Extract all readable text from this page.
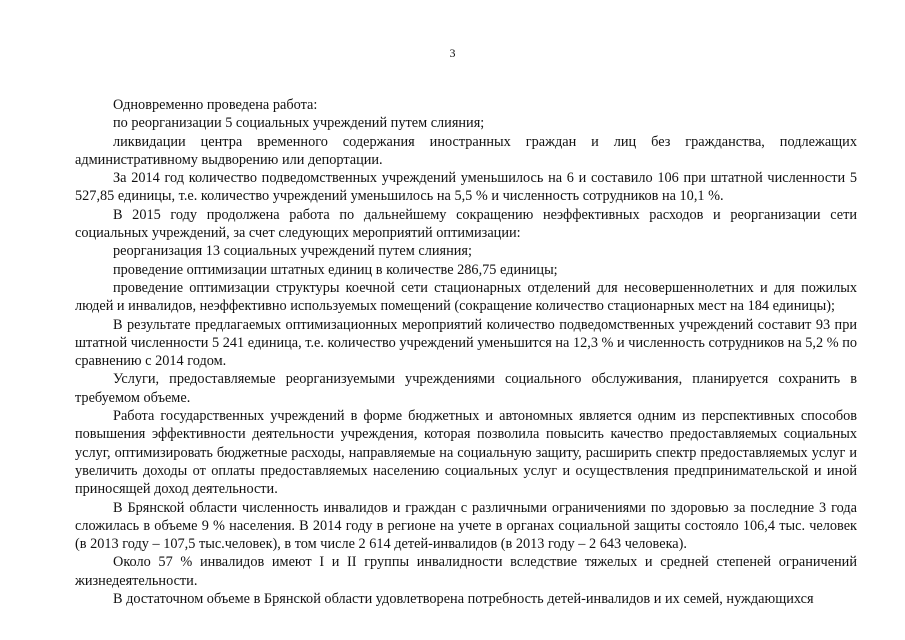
3

Одновременно проведена работа:

по реорганизации 5 социальных учреждений путем слияния;

ликвидации центра временного содержания иностранных граждан и лиц без гражданства, подлежащих административному выдворению или депортации.

За 2014 год количество подведомственных учреждений уменьшилось на 6 и составило 106 при штатной численности 5 527,85 единицы, т.е. количество учреждений уменьшилось на 5,5 % и численность сотрудников на 10,1 %.

В 2015 году продолжена работа по дальнейшему сокращению неэффективных расходов и реорганизации сети социальных учреждений, за счет следующих мероприятий оптимизации:

реорганизация 13 социальных учреждений путем слияния;

проведение оптимизации штатных единиц в количестве 286,75 единицы;

проведение оптимизации структуры коечной сети стационарных отделений для несовершеннолетних и для пожилых людей и инвалидов, неэффективно используемых помещений (сокращение количество стационарных мест на 184 единицы);

В результате предлагаемых оптимизационных мероприятий количество подведомственных учреждений составит 93 при штатной численности 5 241 единица, т.е. количество учреждений уменьшится на 12,3 % и численность сотрудников на 5,2 % по сравнению с 2014 годом.

Услуги, предоставляемые реорганизуемыми учреждениями социального обслуживания, планируется сохранить в требуемом объеме.

Работа государственных учреждений в форме бюджетных и автономных является одним из перспективных способов повышения эффективности деятельности учреждения, которая позволила повысить качество предоставляемых социальных услуг, оптимизировать бюджетные расходы, направляемые на социальную защиту, расширить спектр предоставляемых услуг и увеличить доходы от оплаты предоставляемых населению социальных услуг и осуществления предпринимательской и иной приносящей доход деятельности.

В Брянской области численность инвалидов и граждан с различными ограничениями по здоровью за последние 3 года сложилась в объеме 9 % населения. В 2014 году в регионе на учете в органах социальной защиты состояло 106,4 тыс. человек (в 2013 году – 107,5 тыс.человек), в том числе 2 614 детей-инвалидов (в 2013 году – 2 643 человека).

Около 57 % инвалидов имеют I и II группы инвалидности вследствие тяжелых и средней степеней ограничений жизнедеятельности.

В достаточном объеме в Брянской области удовлетворена потребность детей-инвалидов и их семей, нуждающихся
